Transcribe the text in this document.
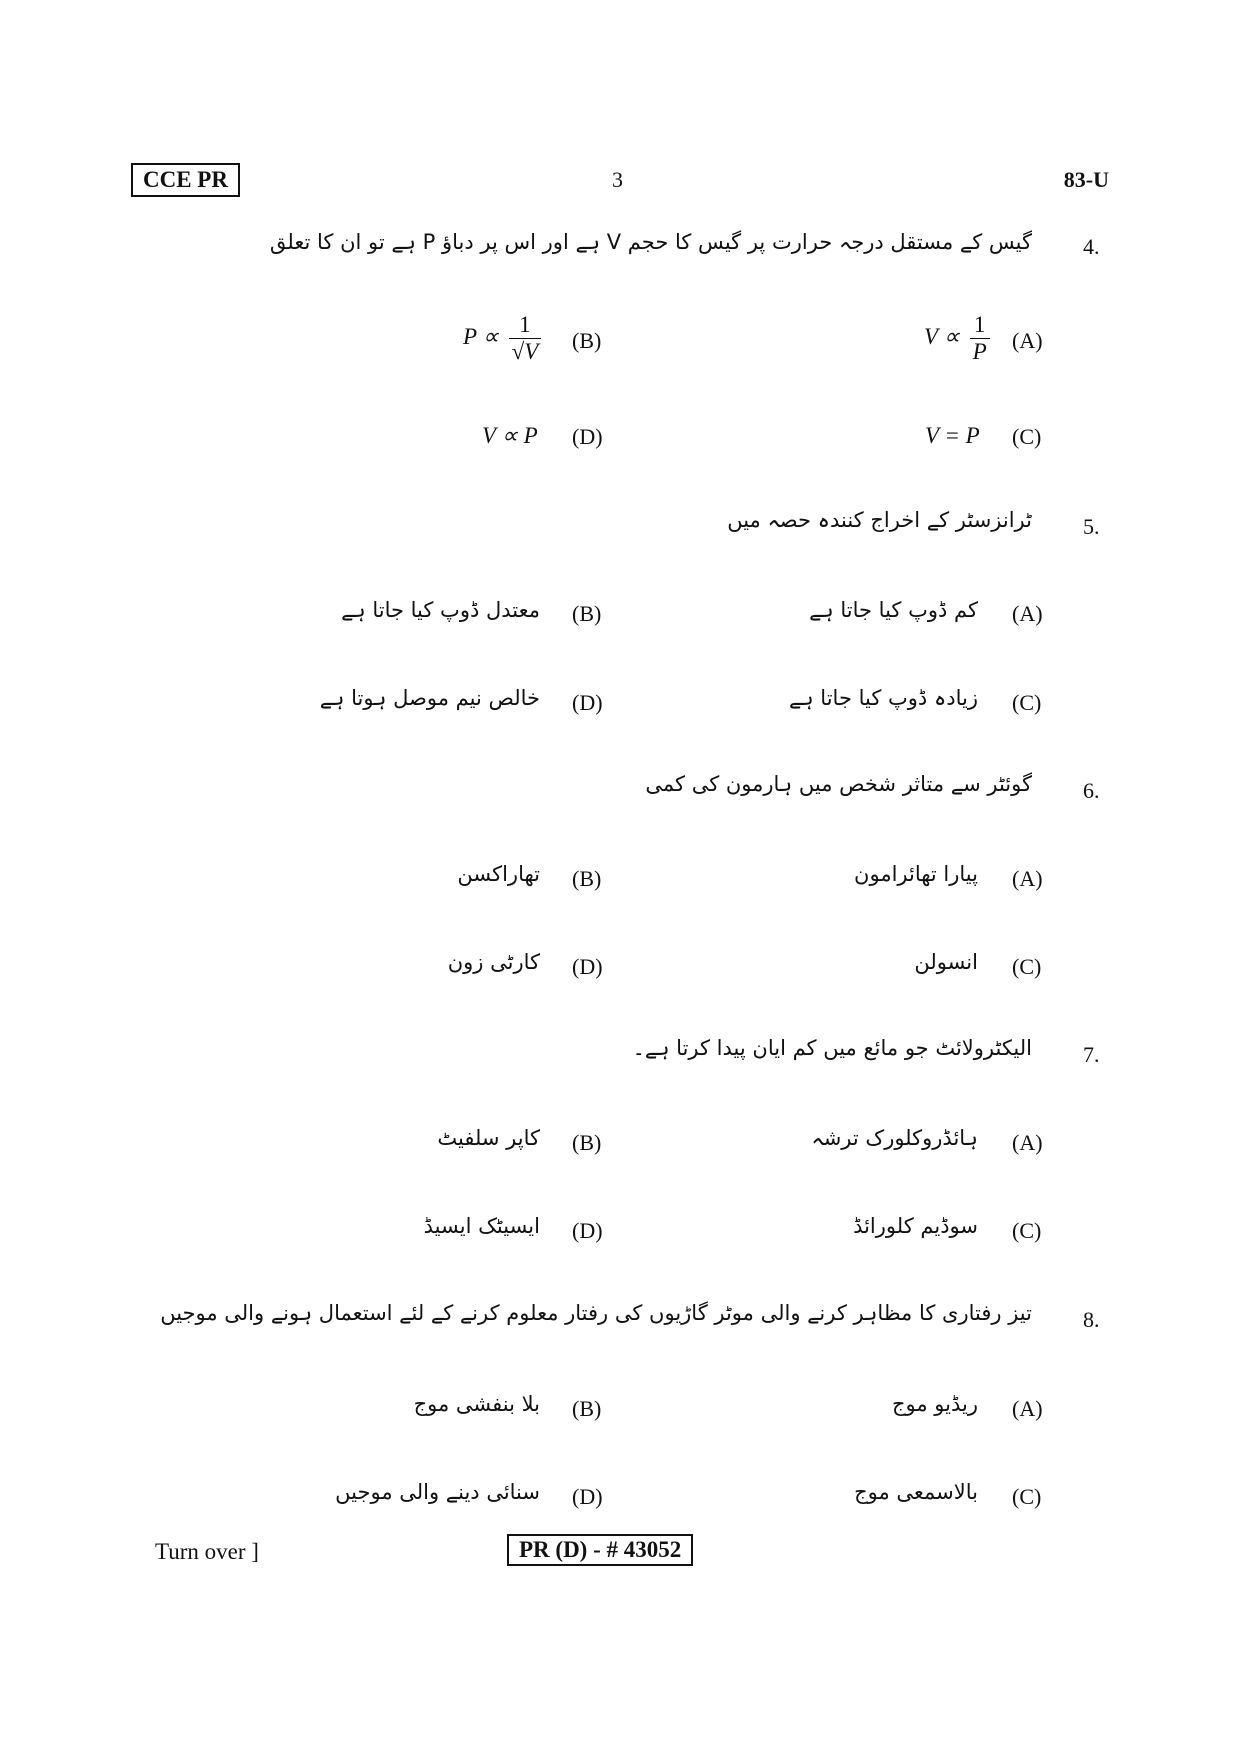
CCE PR	3	83-U
4.
گیس کے مستقل درجہ حرارت پر گیس کا حجم V ہے اور اس پر دباؤ P ہے تو ان کا تعلق
(A)
$V \propto \frac{1}{P}$
(B)
$P \propto \frac{1}{√V}$
(C)
V = P
(D)
V ∝ P
5.
ٹرانزسٹر کے اخراج کنندہ حصہ میں
(A)
کم ڈوپ کیا جاتا ہے
(B)
معتدل ڈوپ کیا جاتا ہے
(C)
زیادہ ڈوپ کیا جاتا ہے
(D)
خالص نیم موصل ہوتا ہے
6.
گوئٹر سے متاثر شخص میں ہارمون کی کمی
(A)
پیارا تھائرامون
(B)
تھاراکسن
(C)
انسولن
(D)
کارٹی زون
7.
الیکٹرولائٹ جو مائع میں کم ایان پیدا کرتا ہے۔
(A)
ہائڈروکلورک ترشہ
(B)
کاپر سلفیٹ
(C)
سوڈیم کلورائڈ
(D)
ایسیٹک ایسیڈ
8.
تیز رفتاری کا مظاہر کرنے والی موٹر گاڑیوں کی رفتار معلوم کرنے کے لئے استعمال ہونے والی موجیں
(A)
ریڈیو موج
(B)
بلا بنفشی موج
(C)
بالاسمعی موج
(D)
سنائی دینے والی موجیں
Turn over ]	PR (D) - # 43052
